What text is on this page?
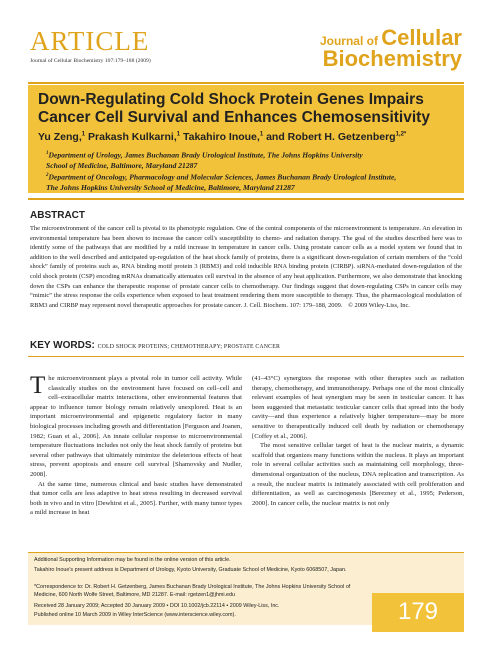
ARTICLE
Journal of Cellular Biochemistry 107:179–188 (2009)
Journal of Cellular
Biochemistry
Down-Regulating Cold Shock Protein Genes Impairs
Cancer Cell Survival and Enhances Chemosensitivity
Yu Zeng,$^1$ Prakash Kulkarni,$^1$ Takahiro Inoue,$^1$ and Robert H. Getzenberg$^{1,2*}$
$^1$Department of Urology, James Buchanan Brady Urological Institute, The Johns Hopkins University
School of Medicine, Baltimore, Maryland 21287
$^2$Department of Oncology, Pharmacology and Molecular Sciences, James Buchanan Brady Urological Institute,
The Johns Hopkins University School of Medicine, Baltimore, Maryland 21287
ABSTRACT
The microenvironment of the cancer cell is pivotal to its phenotypic regulation. One of the central components of the microenvironment is temperature. An elevation in environmental temperature has been shown to increase the cancer cell's susceptibility to chemo- and radiation therapy. The goal of the studies described here was to identify some of the pathways that are modified by a mild increase in temperature in cancer cells. Using prostate cancer cells as a model system we found that in addition to the well described and anticipated up-regulation of the heat shock family of proteins, there is a significant down-regulation of certain members of the “cold shock” family of proteins such as, RNA binding motif protein 3 (RBM3) and cold inducible RNA binding protein (CIRBP). siRNA-mediated down-regulation of the cold shock protein (CSP) encoding mRNAs dramatically attenuates cell survival in the absence of any heat application. Furthermore, we also demonstrate that knocking down the CSPs can enhance the therapeutic response of prostate cancer cells to chemotherapy. Our findings suggest that down-regulating CSPs in cancer cells may “mimic” the stress response the cells experience when exposed to heat treatment rendering them more susceptible to therapy. Thus, the pharmacological modulation of RBM3 and CIRBP may represent novel therapeutic approaches for prostate cancer. J. Cell. Biochem. 107: 179–188, 2009. © 2009 Wiley-Liss, Inc.
KEY WORDS: COLD SHOCK PROTEINS; CHEMOTHERAPY; PROSTATE CANCER

The microenvironment plays a pivotal role in tumor cell activity. While classically studies on the environment have focused on cell–cell and cell–extracellular matrix interactions, other environmental features that appear to influence tumor biology remain relatively unexplored. Heat is an important microenvironmental and epigenetic regulatory factor in many biological processes including growth and differentiation [Ferguson and Joanen, 1982; Guan et al., 2006]. An innate cellular response to microenvironmental temperature fluctuations includes not only the heat shock family of proteins but several other pathways that ultimately minimize the deleterious effects of heat stress, prevent apoptosis and ensure cell survival [Shamovsky and Nudler, 2008].

At the same time, numerous clinical and basic studies have demonstrated that tumor cells are less adaptive to heat stress resulting in decreased survival both in vivo and in vitro [Dewhirst et al., 2005]. Further, with many tumor types a mild increase in heat

(41–43°C) synergizes the response with other therapies such as radiation therapy, chemotherapy, and immunotherapy. Perhaps one of the most clinically relevant examples of heat synergism may be seen in testicular cancer. It has been suggested that metastatic testicular cancer cells that spread into the body cavity—and thus experience a relatively higher temperature—may be more sensitive to therapeutically induced cell death by radiation or chemotherapy [Coffey et al., 2006].

The most sensitive cellular target of heat is the nuclear matrix, a dynamic scaffold that organizes many functions within the nucleus. It plays an important role in several cellular activities such as maintaining cell morphology, three-dimensional organization of the nucleus, DNA replication and transcription. As a result, the nuclear matrix is intimately associated with cell proliferation and differentiation, as well as carcinogenesis [Berezney et al., 1995; Pederson, 2000]. In cancer cells, the nuclear matrix is not only

Additional Supporting Information may be found in the online version of this article.
Takahiro Inoue's present address is Department of Urology, Kyoto University, Graduate School of Medicine, Kyoto 6068507, Japan.
*Correspondence to: Dr. Robert H. Getzenberg, James Buchanan Brady Urological Institute, The Johns Hopkins University School of Medicine, 600 North Wolfe Street, Baltimore, MD 21287. E-mail: rgetzen1@jhmi.edu
Received 28 January 2009; Accepted 30 January 2009 • DOI 10.1002/jcb.22114 • 2009 Wiley-Liss, Inc.
Published online 10 March 2009 in Wiley InterScience (www.interscience.wiley.com).	179
